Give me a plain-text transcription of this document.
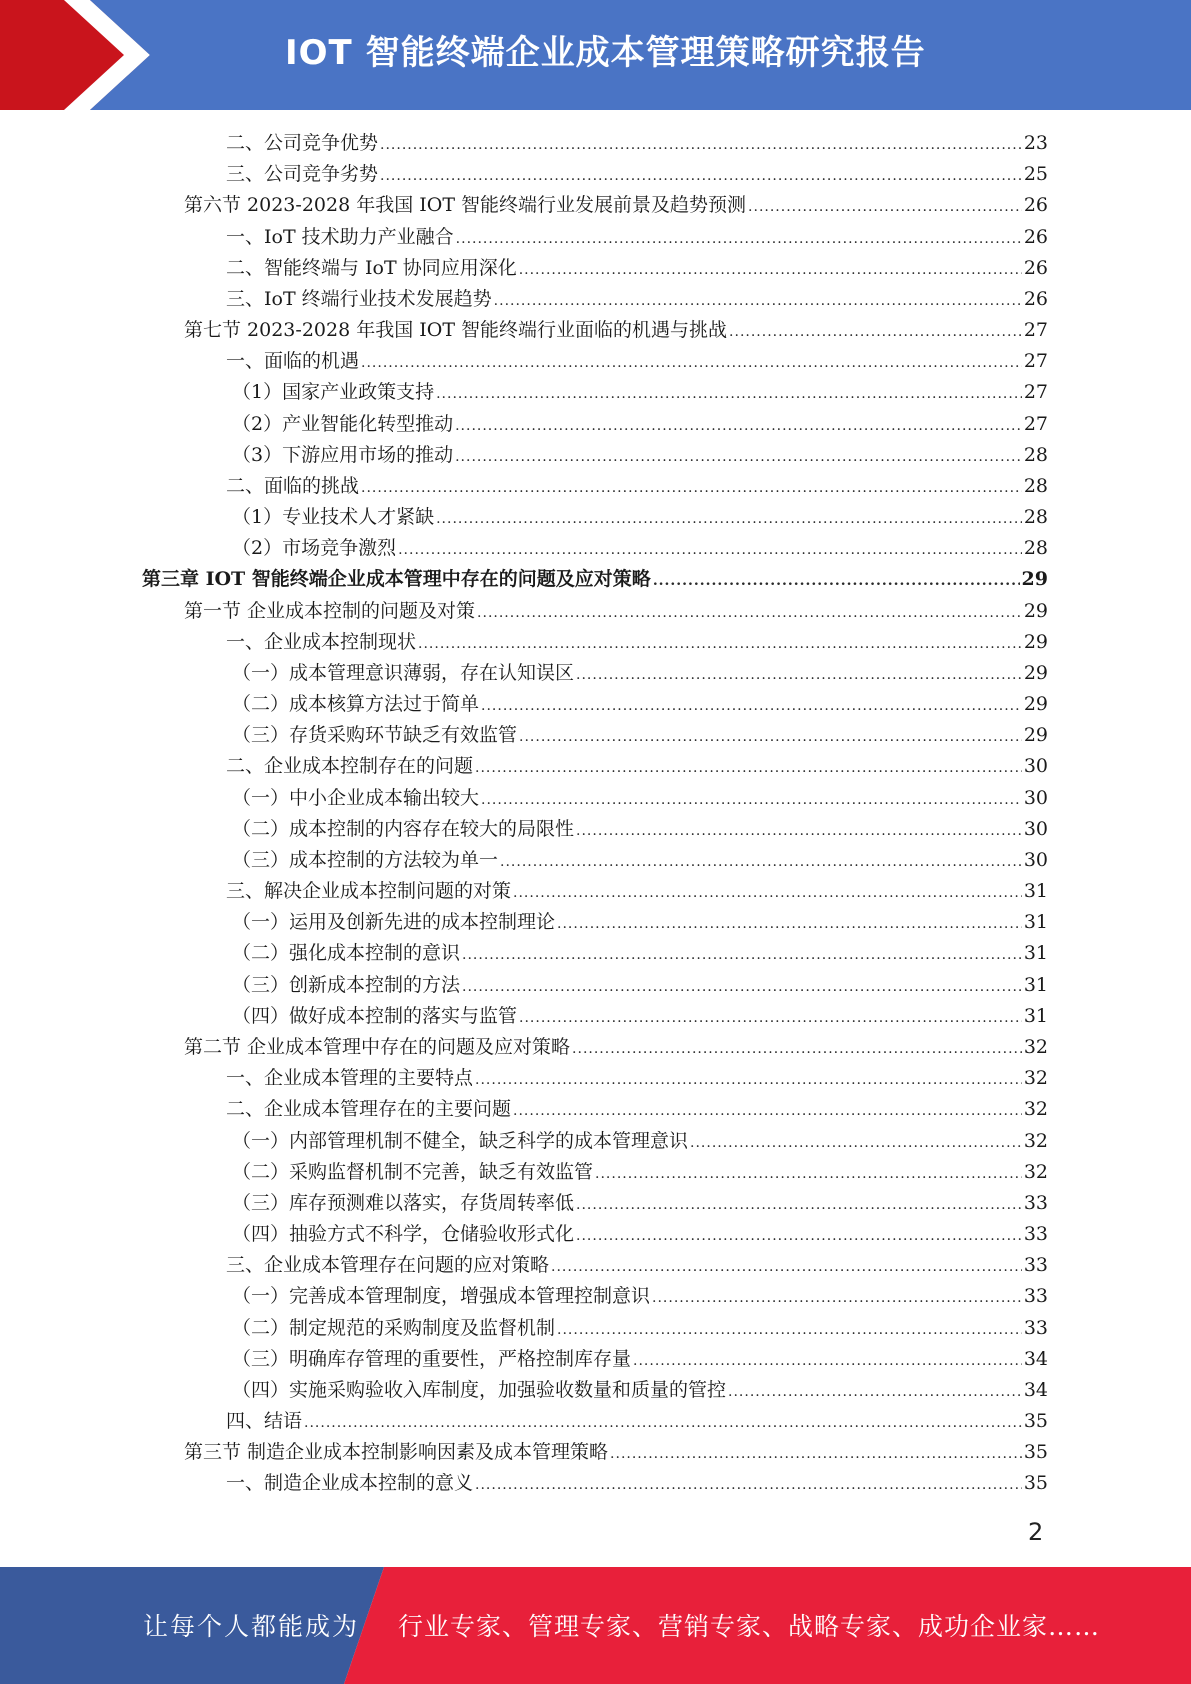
IOT 智能终端企业成本管理策略研究报告
二、公司竞争优势 .....	23
三、公司竞争劣势 .....	25
第六节 2023-2028 年我国 IOT 智能终端行业发展前景及趋势预测 .....	26
一、IoT 技术助力产业融合 .....	26
二、智能终端与 IoT 协同应用深化 .....	26
三、IoT 终端行业技术发展趋势 .....	26
第七节 2023-2028 年我国 IOT 智能终端行业面临的机遇与挑战 .....	27
一、面临的机遇 .....	27
（1）国家产业政策支持 .....	27
（2）产业智能化转型推动 .....	27
（3）下游应用市场的推动 .....	28
二、面临的挑战 .....	28
（1）专业技术人才紧缺 .....	28
（2）市场竞争激烈 .....	28
第三章 IOT 智能终端企业成本管理中存在的问题及应对策略 .....	29
第一节 企业成本控制的问题及对策 .....	29
一、企业成本控制现状 .....	29
（一）成本管理意识薄弱，存在认知误区 .....	29
（二）成本核算方法过于简单 .....	29
（三）存货采购环节缺乏有效监管 .....	29
二、企业成本控制存在的问题 .....	30
（一）中小企业成本输出较大 .....	30
（二）成本控制的内容存在较大的局限性 .....	30
（三）成本控制的方法较为单一 .....	30
三、解决企业成本控制问题的对策 .....	31
（一）运用及创新先进的成本控制理论 .....	31
（二）强化成本控制的意识 .....	31
（三）创新成本控制的方法 .....	31
（四）做好成本控制的落实与监管 .....	31
第二节 企业成本管理中存在的问题及应对策略 .....	32
一、企业成本管理的主要特点 .....	32
二、企业成本管理存在的主要问题 .....	32
（一）内部管理机制不健全，缺乏科学的成本管理意识 .....	32
（二）采购监督机制不完善，缺乏有效监管 .....	32
（三）库存预测难以落实，存货周转率低 .....	33
（四）抽验方式不科学，仓储验收形式化 .....	33
三、企业成本管理存在问题的应对策略 .....	33
（一）完善成本管理制度，增强成本管理控制意识 .....	33
（二）制定规范的采购制度及监督机制 .....	33
（三）明确库存管理的重要性，严格控制库存量 .....	34
（四）实施采购验收入库制度，加强验收数量和质量的管控 .....	34
四、结语 .....	35
第三节 制造企业成本控制影响因素及成本管理策略 .....	35
一、制造企业成本控制的意义 .....	35
2
让每个人都能成为 行业专家、管理专家、营销专家、战略专家、成功企业家……
